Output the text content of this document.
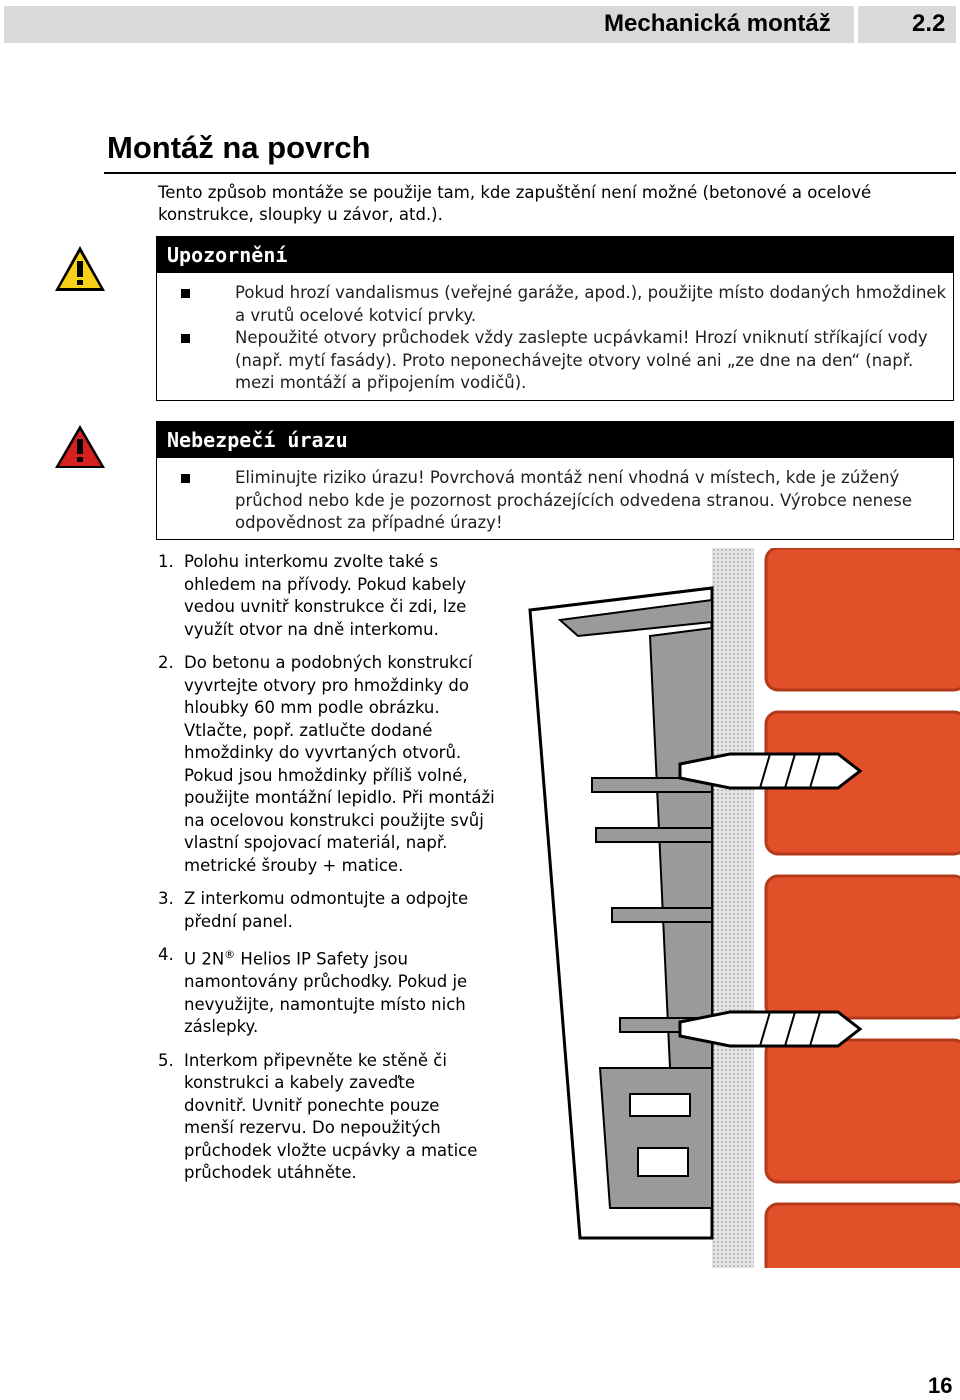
Mechanická montáž	2.2
Montáž na povrch
Tento způsob montáže se použije tam, kde zapuštění není možné (betonové a ocelové konstrukce, sloupky u závor, atd.).
Upozornění
Pokud hrozí vandalismus (veřejné garáže, apod.), použijte místo dodaných hmoždinek a vrutů ocelové kotvicí prvky.
Nepoužité otvory průchodek vždy zaslepte ucpávkami! Hrozí vniknutí stříkající vody (např. mytí fasády). Proto neponechávejte otvory volné ani „ze dne na den“ (např. mezi montáží a připojením vodičů).
Nebezpečí úrazu
Eliminujte riziko úrazu! Povrchová montáž není vhodná v místech, kde je zúžený průchod nebo kde je pozornost procházejících odvedena stranou. Výrobce nenese odpovědnost za případné úrazy!
1. Polohu interkomu zvolte také s ohledem na přívody. Pokud kabely vedou uvnitř konstrukce či zdi, lze využít otvor na dně interkomu.
2. Do betonu a podobných konstrukcí vyvrtejte otvory pro hmoždinky do hloubky 60 mm podle obrázku. Vtlačte, popř. zatlučte dodané hmoždinky do vyvrtaných otvorů. Pokud jsou hmoždinky příliš volné, použijte montážní lepidlo. Při montáži na ocelovou konstrukci použijte svůj vlastní spojovací materiál, např. metrické šrouby + matice.
3. Z interkomu odmontujte a odpojte přední panel.
4. U 2N® Helios IP Safety jsou namontovány průchodky. Pokud je nevyužijte, namontujte místo nich záslepky.
5. Interkom připevněte ke stěně či konstrukci a kabely zaveďte dovnitř. Uvnitř ponechte pouze menší rezervu. Do nepoužitých průchodek vložte ucpávky a matice průchodek utáhněte.
16
